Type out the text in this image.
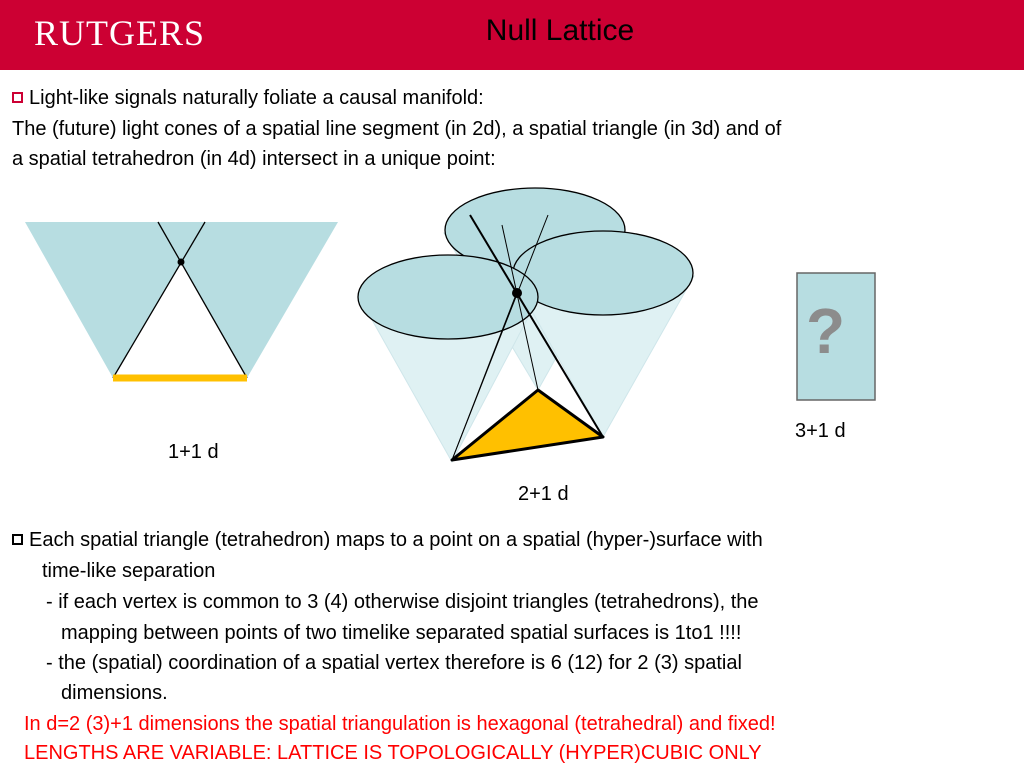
RUTGERS	Null Lattice
Light-like signals naturally foliate a causal manifold:
The (future) light cones of a spatial line segment (in 2d), a spatial triangle (in 3d) and of
a spatial tetrahedron (in 4d) intersect in a unique point:
?
1+1 d
2+1 d
3+1 d
Each spatial triangle (tetrahedron) maps to a point on a spatial (hyper-)surface with
time-like separation
- if each vertex is common to 3 (4) otherwise disjoint triangles (tetrahedrons), the
mapping between points of two timelike separated spatial surfaces is 1to1 !!!!
- the (spatial) coordination of a spatial vertex therefore is 6 (12) for 2 (3) spatial
dimensions.
In d=2 (3)+1 dimensions the spatial triangulation is hexagonal (tetrahedral) and fixed!
LENGTHS ARE VARIABLE: LATTICE IS TOPOLOGICALLY (HYPER)CUBIC ONLY
